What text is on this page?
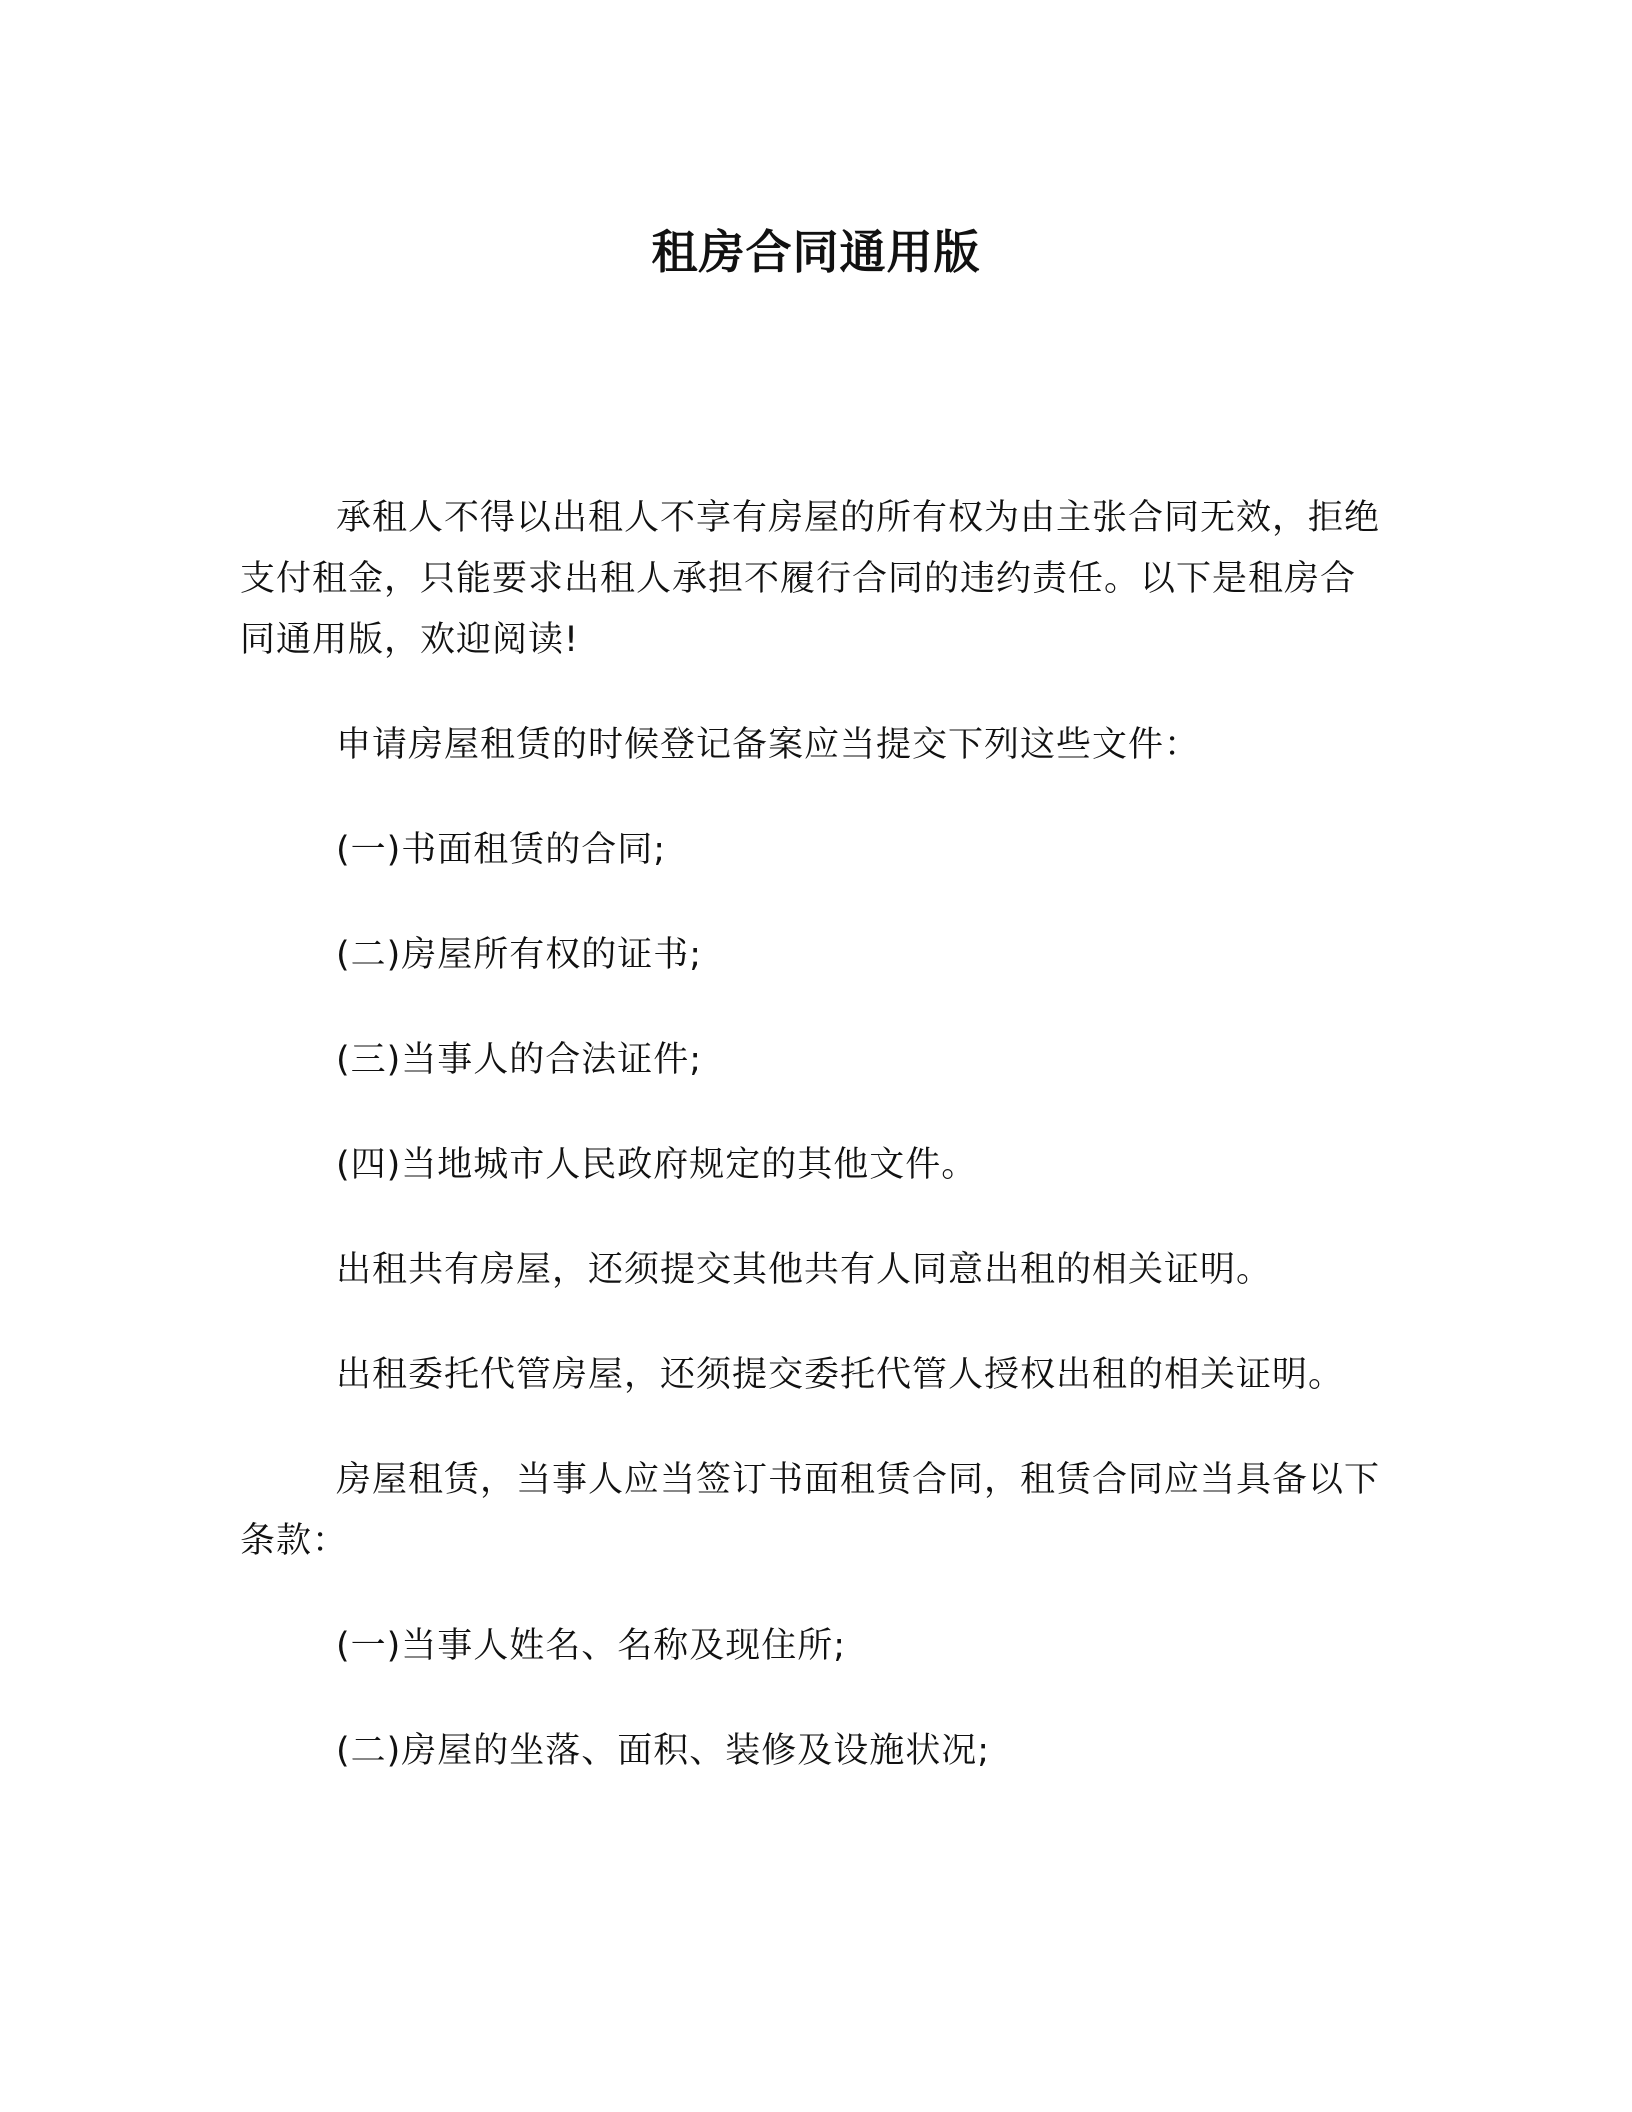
租房合同通用版

承租人不得以出租人不享有房屋的所有权为由主张合同无效，拒绝支付租金，只能要求出租人承担不履行合同的违约责任。以下是租房合同通用版，欢迎阅读!

申请房屋租赁的时候登记备案应当提交下列这些文件：

(一)书面租赁的合同;

(二)房屋所有权的证书;

(三)当事人的合法证件;

(四)当地城市人民政府规定的其他文件。

出租共有房屋，还须提交其他共有人同意出租的相关证明。

出租委托代管房屋，还须提交委托代管人授权出租的相关证明。

房屋租赁，当事人应当签订书面租赁合同，租赁合同应当具备以下条款：

(一)当事人姓名、名称及现住所;

(二)房屋的坐落、面积、装修及设施状况;
